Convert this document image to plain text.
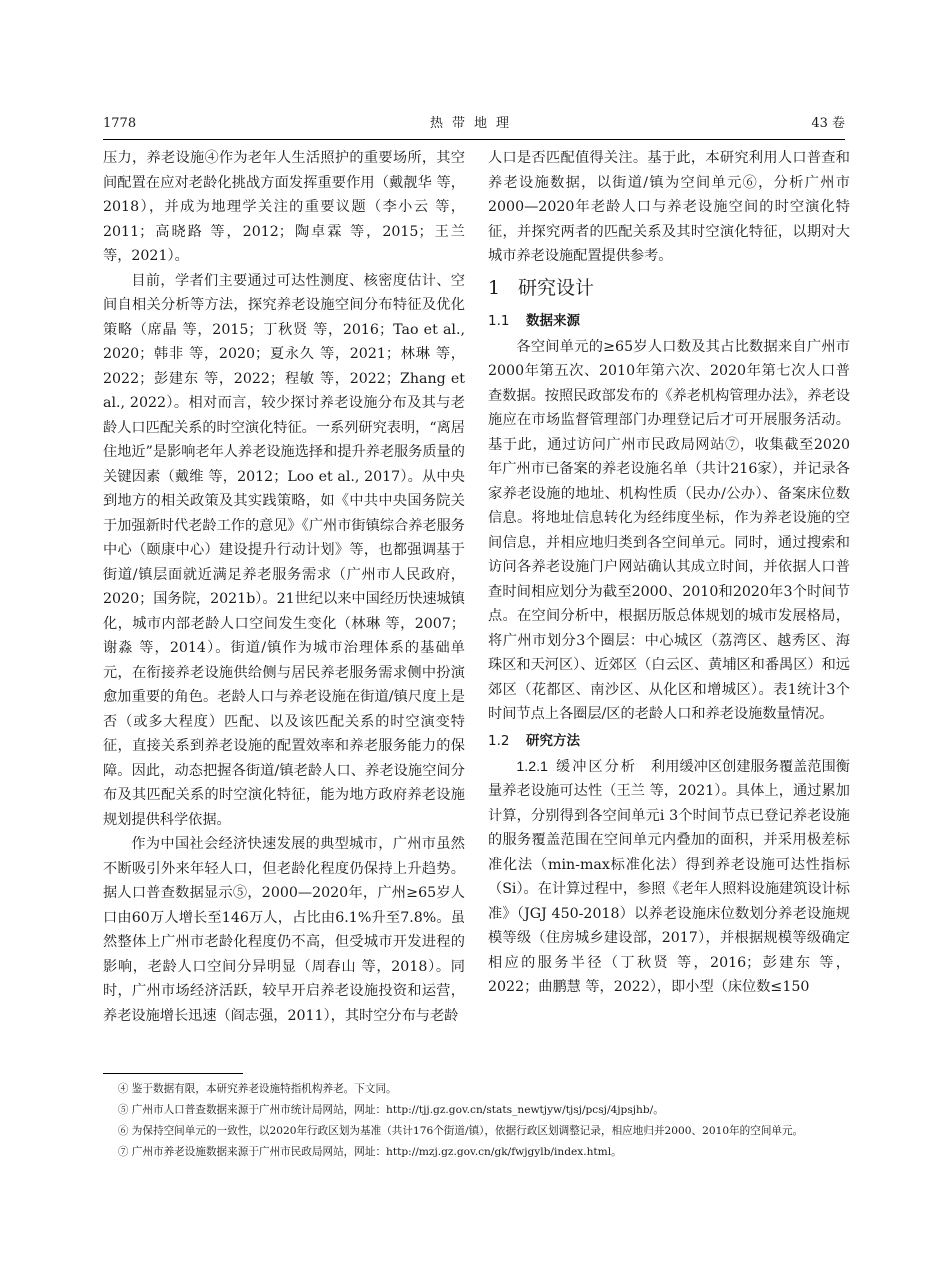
1778	热带地理	43 卷

压力，养老设施④作为老年人生活照护的重要场所，其空间配置在应对老龄化挑战方面发挥重要作用（戴靓华 等，2018），并成为地理学关注的重要议题（李小云 等，2011；高晓路 等，2012；陶卓霖 等，2015；王兰 等，2021）。

目前，学者们主要通过可达性测度、核密度估计、空间自相关分析等方法，探究养老设施空间分布特征及优化策略（席晶 等，2015；丁秋贤 等，2016；Tao et al., 2020；韩非 等，2020；夏永久 等，2021；林琳 等，2022；彭建东 等，2022；程敏 等，2022；Zhang et al., 2022）。相对而言，较少探讨养老设施分布及其与老龄人口匹配关系的时空演化特征。一系列研究表明，“离居住地近”是影响老年人养老设施选择和提升养老服务质量的关键因素（戴维 等，2012；Loo et al., 2017）。从中央到地方的相关政策及其实践策略，如《中共中央国务院关于加强新时代老龄工作的意见》《广州市街镇综合养老服务中心（颐康中心）建设提升行动计划》等，也都强调基于街道/镇层面就近满足养老服务需求（广州市人民政府，2020；国务院，2021b）。21世纪以来中国经历快速城镇化，城市内部老龄人口空间发生变化（林琳 等，2007；谢淼 等，2014）。街道/镇作为城市治理体系的基础单元，在衔接养老设施供给侧与居民养老服务需求侧中扮演愈加重要的角色。老龄人口与养老设施在街道/镇尺度上是否（或多大程度）匹配、以及该匹配关系的时空演变特征，直接关系到养老设施的配置效率和养老服务能力的保障。因此，动态把握各街道/镇老龄人口、养老设施空间分布及其匹配关系的时空演化特征，能为地方政府养老设施规划提供科学依据。

作为中国社会经济快速发展的典型城市，广州市虽然不断吸引外来年轻人口，但老龄化程度仍保持上升趋势。据人口普查数据显示⑤，2000—2020年，广州≥65岁人口由60万人增长至146万人，占比由6.1%升至7.8%。虽然整体上广州市老龄化程度仍不高，但受城市开发进程的影响，老龄人口空间分异明显（周春山 等，2018）。同时，广州市场经济活跃，较早开启养老设施投资和运营，养老设施增长迅速（阎志强，2011），其时空分布与老龄

人口是否匹配值得关注。基于此，本研究利用人口普查和养老设施数据，以街道/镇为空间单元⑥，分析广州市2000—2020年老龄人口与养老设施空间的时空演化特征，并探究两者的匹配关系及其时空演化特征，以期对大城市养老设施配置提供参考。

1 研究设计
1.1 数据来源

各空间单元的≥65岁人口数及其占比数据来自广州市2000年第五次、2010年第六次、2020年第七次人口普查数据。按照民政部发布的《养老机构管理办法》，养老设施应在市场监督管理部门办理登记后才可开展服务活动。基于此，通过访问广州市民政局网站⑦，收集截至2020年广州市已备案的养老设施名单（共计216家），并记录各家养老设施的地址、机构性质（民办/公办）、备案床位数信息。将地址信息转化为经纬度坐标，作为养老设施的空间信息，并相应地归类到各空间单元。同时，通过搜索和访问各养老设施门户网站确认其成立时间，并依据人口普查时间相应划分为截至2000、2010和2020年3个时间节点。在空间分析中，根据历版总体规划的城市发展格局，将广州市划分3个圈层：中心城区（荔湾区、越秀区、海珠区和天河区）、近郊区（白云区、黄埔区和番禺区）和远郊区（花都区、南沙区、从化区和增城区）。表1统计3个时间节点上各圈层/区的老龄人口和养老设施数量情况。

1.2 研究方法

1.2.1 缓冲区分析 利用缓冲区创建服务覆盖范围衡量养老设施可达性（王兰 等，2021）。具体上，通过累加计算，分别得到各空间单元i 3个时间节点已登记养老设施的服务覆盖范围在空间单元内叠加的面积，并采用极差标准化法（min-max标准化法）得到养老设施可达性指标（Si）。在计算过程中，参照《老年人照料设施建筑设计标准》（JGJ 450-2018）以养老设施床位数划分养老设施规模等级（住房城乡建设部，2017），并根据规模等级确定相应的服务半径（丁秋贤 等，2016；彭建东 等，2022；曲鹏慧 等，2022），即小型（床位数≤150

④ 鉴于数据有限，本研究养老设施特指机构养老。下文同。

⑤ 广州市人口普查数据来源于广州市统计局网站，网址：http://tjj.gz.gov.cn/stats_newtjyw/tjsj/pcsj/4jpsjhb/。

⑥ 为保持空间单元的一致性，以2020年行政区划为基准（共计176个街道/镇），依据行政区划调整记录，相应地归并2000、2010年的空间单元。

⑦ 广州市养老设施数据来源于广州市民政局网站，网址：http://mzj.gz.gov.cn/gk/fwjgylb/index.html。
